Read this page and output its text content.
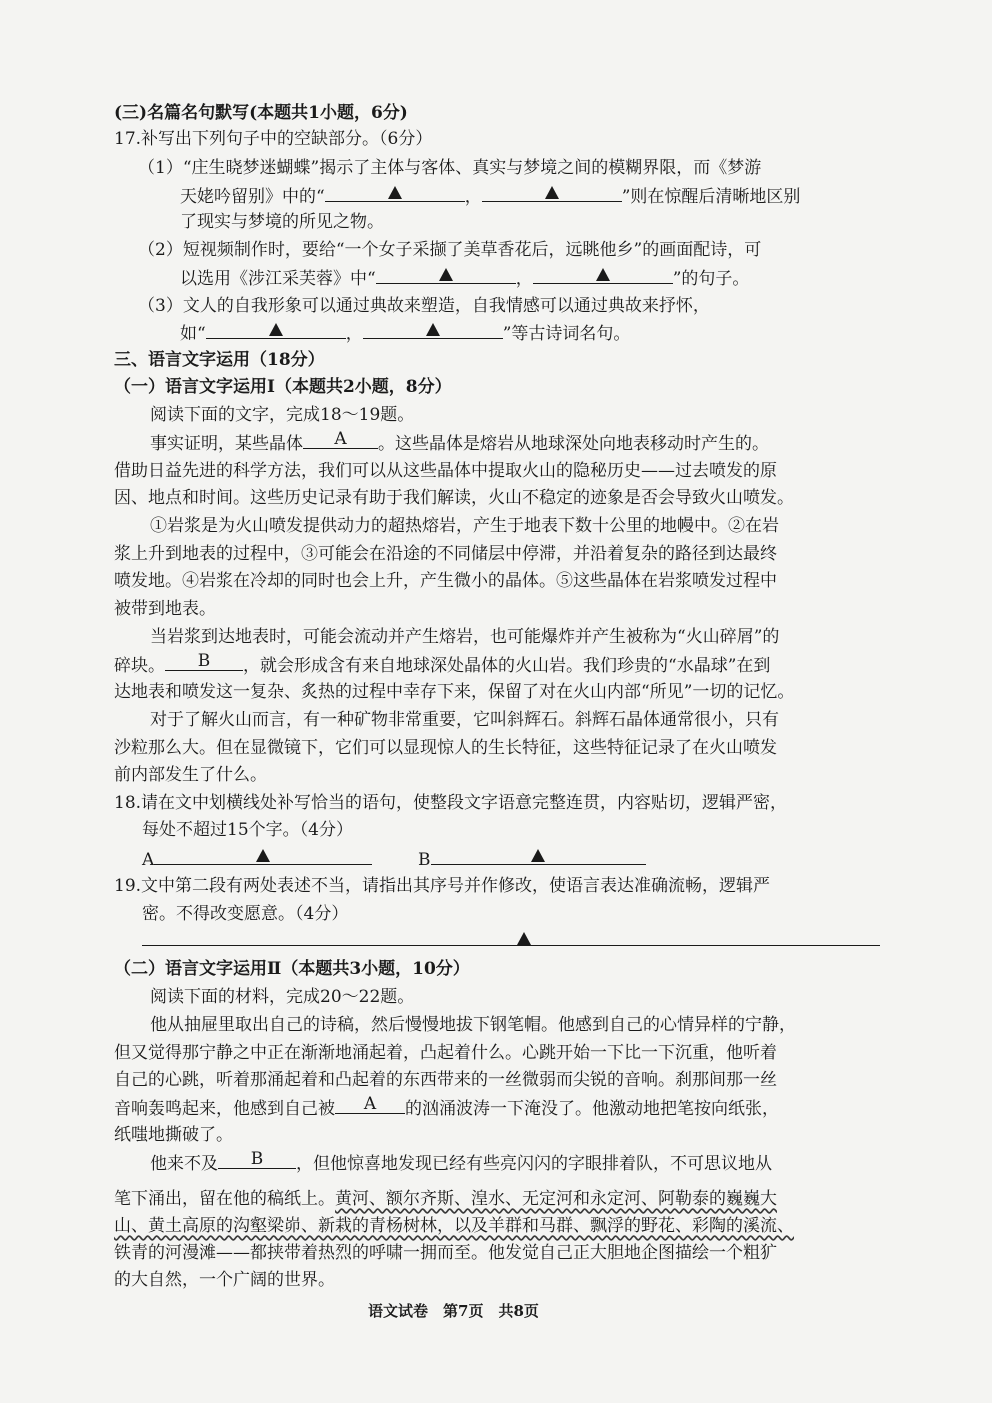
(三)名篇名句默写(本题共1小题，6分)
17.补写出下列句子中的空缺部分。（6分）
（1）“庄生晓梦迷蝴蝶”揭示了主体与客体、真实与梦境之间的模糊界限，而《梦游
天姥吟留别》中的“	，	”则在惊醒后清晰地区别
了现实与梦境的所见之物。
（2）短视频制作时，要给“一个女子采撷了美草香花后，远眺他乡”的画面配诗，可
以选用《涉江采芙蓉》中“	，	”的句子。
（3）文人的自我形象可以通过典故来塑造，自我情感可以通过典故来抒怀，
如“	，	”等古诗词名句。
三、语言文字运用（18分）
（一）语言文字运用Ⅰ（本题共2小题，8分）
阅读下面的文字，完成18～19题。
事实证明，某些晶体	A	。这些晶体是熔岩从地球深处向地表移动时产生的。
借助日益先进的科学方法，我们可以从这些晶体中提取火山的隐秘历史——过去喷发的原
因、地点和时间。这些历史记录有助于我们解读，火山不稳定的迹象是否会导致火山喷发。
①岩浆是为火山喷发提供动力的超热熔岩，产生于地表下数十公里的地幔中。②在岩
浆上升到地表的过程中，③可能会在沿途的不同储层中停滞，并沿着复杂的路径到达最终
喷发地。④岩浆在冷却的同时也会上升，产生微小的晶体。⑤这些晶体在岩浆喷发过程中
被带到地表。
当岩浆到达地表时，可能会流动并产生熔岩，也可能爆炸并产生被称为“火山碎屑”的
碎块。	B	，就会形成含有来自地球深处晶体的火山岩。我们珍贵的“水晶球”在到
达地表和喷发这一复杂、炙热的过程中幸存下来，保留了对在火山内部“所见”一切的记忆。
对于了解火山而言，有一种矿物非常重要，它叫斜辉石。斜辉石晶体通常很小，只有
沙粒那么大。但在显微镜下，它们可以显现惊人的生长特征，这些特征记录了在火山喷发
前内部发生了什么。
18.请在文中划横线处补写恰当的语句，使整段文字语意完整连贯，内容贴切，逻辑严密，
每处不超过15个字。（4分）
A	B
19.文中第二段有两处表述不当，请指出其序号并作修改，使语言表达准确流畅，逻辑严
密。不得改变愿意。（4分）
（二）语言文字运用Ⅱ（本题共3小题，10分）
阅读下面的材料，完成20～22题。
他从抽屉里取出自己的诗稿，然后慢慢地拔下钢笔帽。他感到自己的心情异样的宁静，
但又觉得那宁静之中正在渐渐地涌起着，凸起着什么。心跳开始一下比一下沉重，他听着
自己的心跳，听着那涌起着和凸起着的东西带来的一丝微弱而尖锐的音响。刹那间那一丝
音响轰鸣起来，他感到自己被	A	的汹涌波涛一下淹没了。他激动地把笔按向纸张，
纸嗤地撕破了。
他来不及	B	，但他惊喜地发现已经有些亮闪闪的字眼排着队，不可思议地从
笔下涌出，留在他的稿纸上。黄河、额尔齐斯、湟水、无定河和永定河、阿勒泰的巍巍大
山、黄土高原的沟壑梁峁、新栽的青杨树林，以及羊群和马群、飘浮的野花、彩陶的溪流、
铁青的河漫滩——都挟带着热烈的呼啸一拥而至。他发觉自己正大胆地企图描绘一个粗犷
的大自然，一个广阔的世界。
语文试卷　第7页　共8页
